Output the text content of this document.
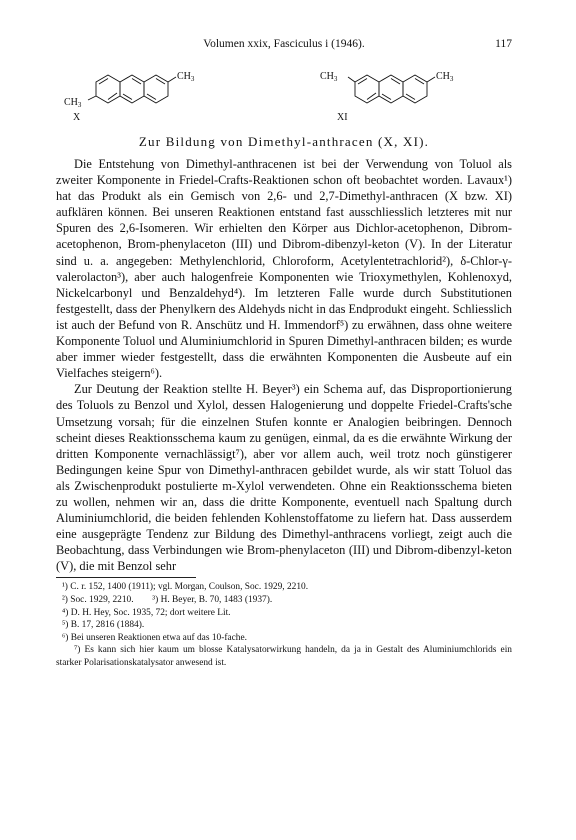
Volumen xxix, Fasciculus i (1946).	117
$CH_3$
$CH_3$
X
$CH_3$	$CH_3$
XI
Zur Bildung von Dimethyl-anthracen (X, XI).

Die Entstehung von Dimethyl-anthracenen ist bei der Verwendung von Toluol als zweiter Komponente in Friedel-Crafts-Reaktionen schon oft beobachtet worden. Lavaux¹) hat das Produkt als ein Gemisch von 2,6- und 2,7-Dimethyl-anthracen (X bzw. XI) aufklären können. Bei unseren Reaktionen entstand fast ausschliesslich letzteres mit nur Spuren des 2,6-Isomeren. Wir erhielten den Körper aus Dichlor-acetophenon, Dibrom-acetophenon, Brom-phenylaceton (III) und Dibrom-dibenzyl-keton (V). In der Literatur sind u. a. angegeben: Methylenchlorid, Chloroform, Acetylentetrachlorid²), δ-Chlor-γ-valerolacton³), aber auch halogenfreie Komponenten wie Trioxymethylen, Kohlenoxyd, Nickelcarbonyl und Benzaldehyd⁴). Im letzteren Falle wurde durch Substitutionen festgestellt, dass der Phenylkern des Aldehyds nicht in das Endprodukt eingeht. Schliesslich ist auch der Befund von R. Anschütz und H. Immendorf⁵) zu erwähnen, dass ohne weitere Komponente Toluol und Aluminiumchlorid in Spuren Dimethyl-anthracen bilden; es wurde aber immer wieder festgestellt, dass die erwähnten Komponenten die Ausbeute auf ein Vielfaches steigern⁶).

Zur Deutung der Reaktion stellte H. Beyer³) ein Schema auf, das Disproportionierung des Toluols zu Benzol und Xylol, dessen Halogenierung und doppelte Friedel-Crafts'sche Umsetzung vorsah; für die einzelnen Stufen konnte er Analogien beibringen. Dennoch scheint dieses Reaktionsschema kaum zu genügen, einmal, da es die erwähnte Wirkung der dritten Komponente vernachlässigt⁷), aber vor allem auch, weil trotz noch günstigerer Bedingungen keine Spur von Dimethyl-anthracen gebildet wurde, als wir statt Toluol das als Zwischenprodukt postulierte m-Xylol verwendeten. Ohne ein Reaktionsschema bieten zu wollen, nehmen wir an, dass die dritte Komponente, eventuell nach Spaltung durch Aluminiumchlorid, die beiden fehlenden Kohlenstoffatome zu liefern hat. Dass ausserdem eine ausgeprägte Tendenz zur Bildung des Dimethyl-anthracens vorliegt, zeigt auch die Beobachtung, dass Verbindungen wie Brom-phenylaceton (III) und Dibrom-dibenzyl-keton (V), die mit Benzol sehr

¹) C. r. 152, 1400 (1911); vgl. Morgan, Coulson, Soc. 1929, 2210.
²) Soc. 1929, 2210.        ³) H. Beyer, B. 70, 1483 (1937).
⁴) D. H. Hey, Soc. 1935, 72; dort weitere Lit.
⁵) B. 17, 2816 (1884).
⁶) Bei unseren Reaktionen etwa auf das 10-fache.
⁷) Es kann sich hier kaum um blosse Katalysatorwirkung handeln, da ja in Gestalt des Aluminiumchlorids ein starker Polarisationskatalysator anwesend ist.
